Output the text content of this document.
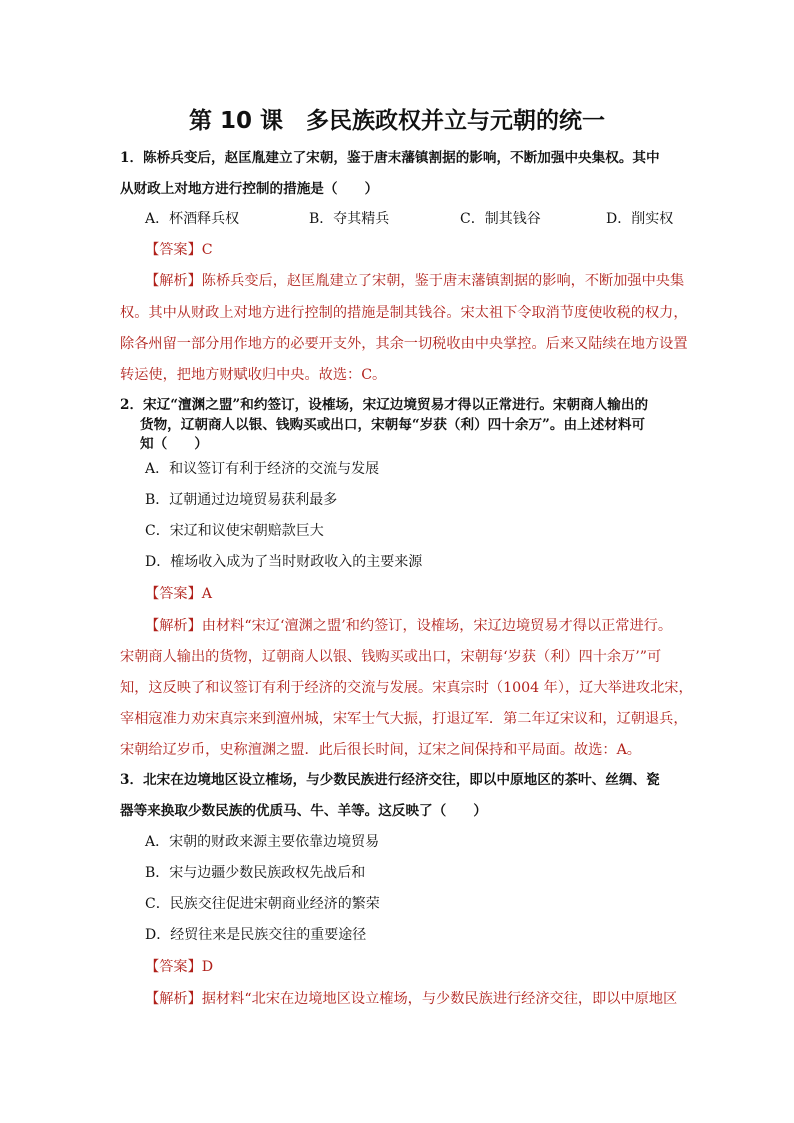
第 10 课　多民族政权并立与元朝的统一
1．陈桥兵变后，赵匡胤建立了宋朝，鉴于唐末藩镇割据的影响，不断加强中央集权。其中
从财政上对地方进行控制的措施是（　　）
A．杯酒释兵权	B．夺其精兵	C．制其钱谷	D．削实权
【答案】C
【解析】陈桥兵变后，赵匡胤建立了宋朝，鉴于唐末藩镇割据的影响，不断加强中央集
权。其中从财政上对地方进行控制的措施是制其钱谷。宋太祖下令取消节度使收税的权力，
除各州留一部分用作地方的必要开支外，其余一切税收由中央掌控。后来又陆续在地方设置
转运使，把地方财赋收归中央。故选：C。
2．宋辽“澶渊之盟”和约签订，设榷场，宋辽边境贸易才得以正常进行。宋朝商人输出的
货物，辽朝商人以银、钱购买或出口，宋朝每“岁获（利）四十余万”。由上述材料可
知（　　）
A．和议签订有利于经济的交流与发展
B．辽朝通过边境贸易获利最多
C．宋辽和议使宋朝赔款巨大
D．榷场收入成为了当时财政收入的主要来源
【答案】A
【解析】由材料“宋辽‘澶渊之盟’和约签订，设榷场，宋辽边境贸易才得以正常进行。
宋朝商人输出的货物，辽朝商人以银、钱购买或出口，宋朝每‘岁获（利）四十余万’”可
知，这反映了和议签订有利于经济的交流与发展。宋真宗时（1004 年），辽大举进攻北宋，
宰相寇准力劝宋真宗来到澶州城，宋军士气大振，打退辽军．第二年辽宋议和，辽朝退兵，
宋朝给辽岁币，史称澶渊之盟．此后很长时间，辽宋之间保持和平局面。故选：A。
3．北宋在边境地区设立榷场，与少数民族进行经济交往，即以中原地区的茶叶、丝绸、瓷
器等来换取少数民族的优质马、牛、羊等。这反映了（　　）
A．宋朝的财政来源主要依靠边境贸易
B．宋与边疆少数民族政权先战后和
C．民族交往促进宋朝商业经济的繁荣
D．经贸往来是民族交往的重要途径
【答案】D
【解析】据材料“北宋在边境地区设立榷场，与少数民族进行经济交往，即以中原地区
